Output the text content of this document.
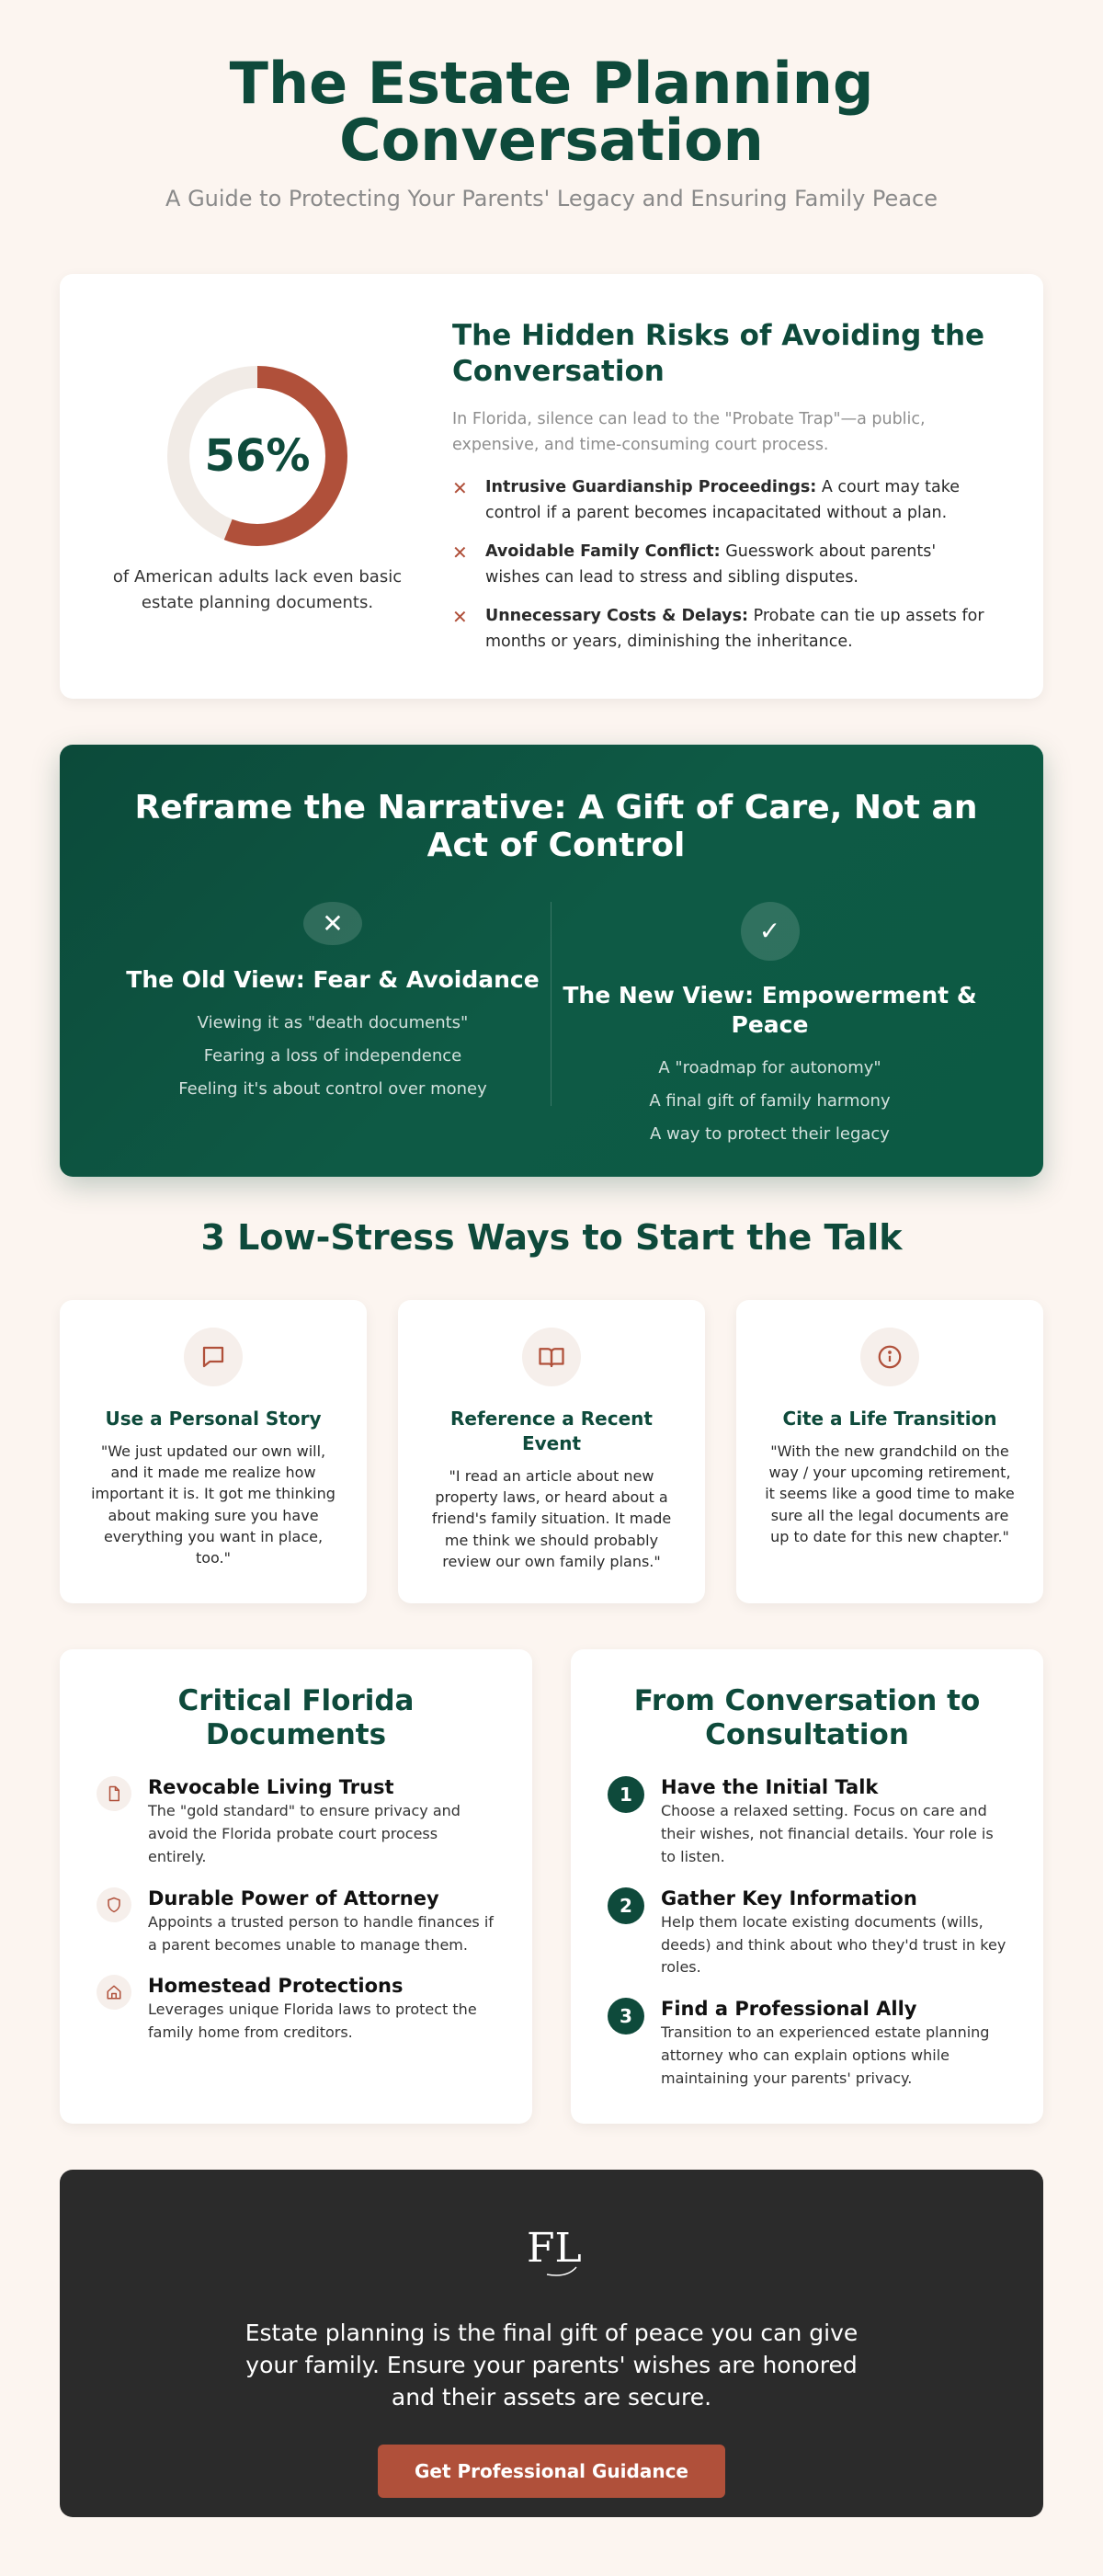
The Estate Planning Conversation

A Guide to Protecting Your Parents' Legacy and Ensuring Family Peace

56%

of American adults lack even basic estate planning documents.

The Hidden Risks of Avoiding the Conversation

In Florida, silence can lead to the "Probate Trap"—a public, expensive, and time-consuming court process.

✕	Intrusive Guardianship Proceedings: A court may take control if a parent becomes incapacitated without a plan.
✕	Avoidable Family Conflict: Guesswork about parents' wishes can lead to stress and sibling disputes.
✕	Unnecessary Costs & Delays: Probate can tie up assets for months or years, diminishing the inheritance.
Reframe the Narrative: A Gift of Care, Not an Act of Control
✕
The Old View: Fear & Avoidance
Viewing it as "death documents"
Fearing a loss of independence
Feeling it's about control over money
✓
The New View: Empowerment & Peace
A "roadmap for autonomy"
A final gift of family harmony
A way to protect their legacy
3 Low-Stress Ways to Start the Talk
Use a Personal Story

"We just updated our own will, and it made me realize how important it is. It got me thinking about making sure you have everything you want in place, too."

Reference a Recent Event

"I read an article about new property laws, or heard about a friend's family situation. It made me think we should probably review our own family plans."

Cite a Life Transition

"With the new grandchild on the way / your upcoming retirement, it seems like a good time to make sure all the legal documents are up to date for this new chapter."

Critical Florida Documents
Revocable Living Trust
The "gold standard" to ensure privacy and avoid the Florida probate court process entirely.
Durable Power of Attorney
Appoints a trusted person to handle finances if a parent becomes unable to manage them.
Homestead Protections
Leverages unique Florida laws to protect the family home from creditors.
From Conversation to Consultation
1	Have the Initial Talk
Choose a relaxed setting. Focus on care and their wishes, not financial details. Your role is to listen.
2	Gather Key Information
Help them locate existing documents (wills, deeds) and think about who they'd trust in key roles.
3	Find a Professional Ally
Transition to an experienced estate planning attorney who can explain options while maintaining your parents' privacy.
FL

Estate planning is the final gift of peace you can give your family. Ensure your parents' wishes are honored and their assets are secure.

Get Professional Guidance
